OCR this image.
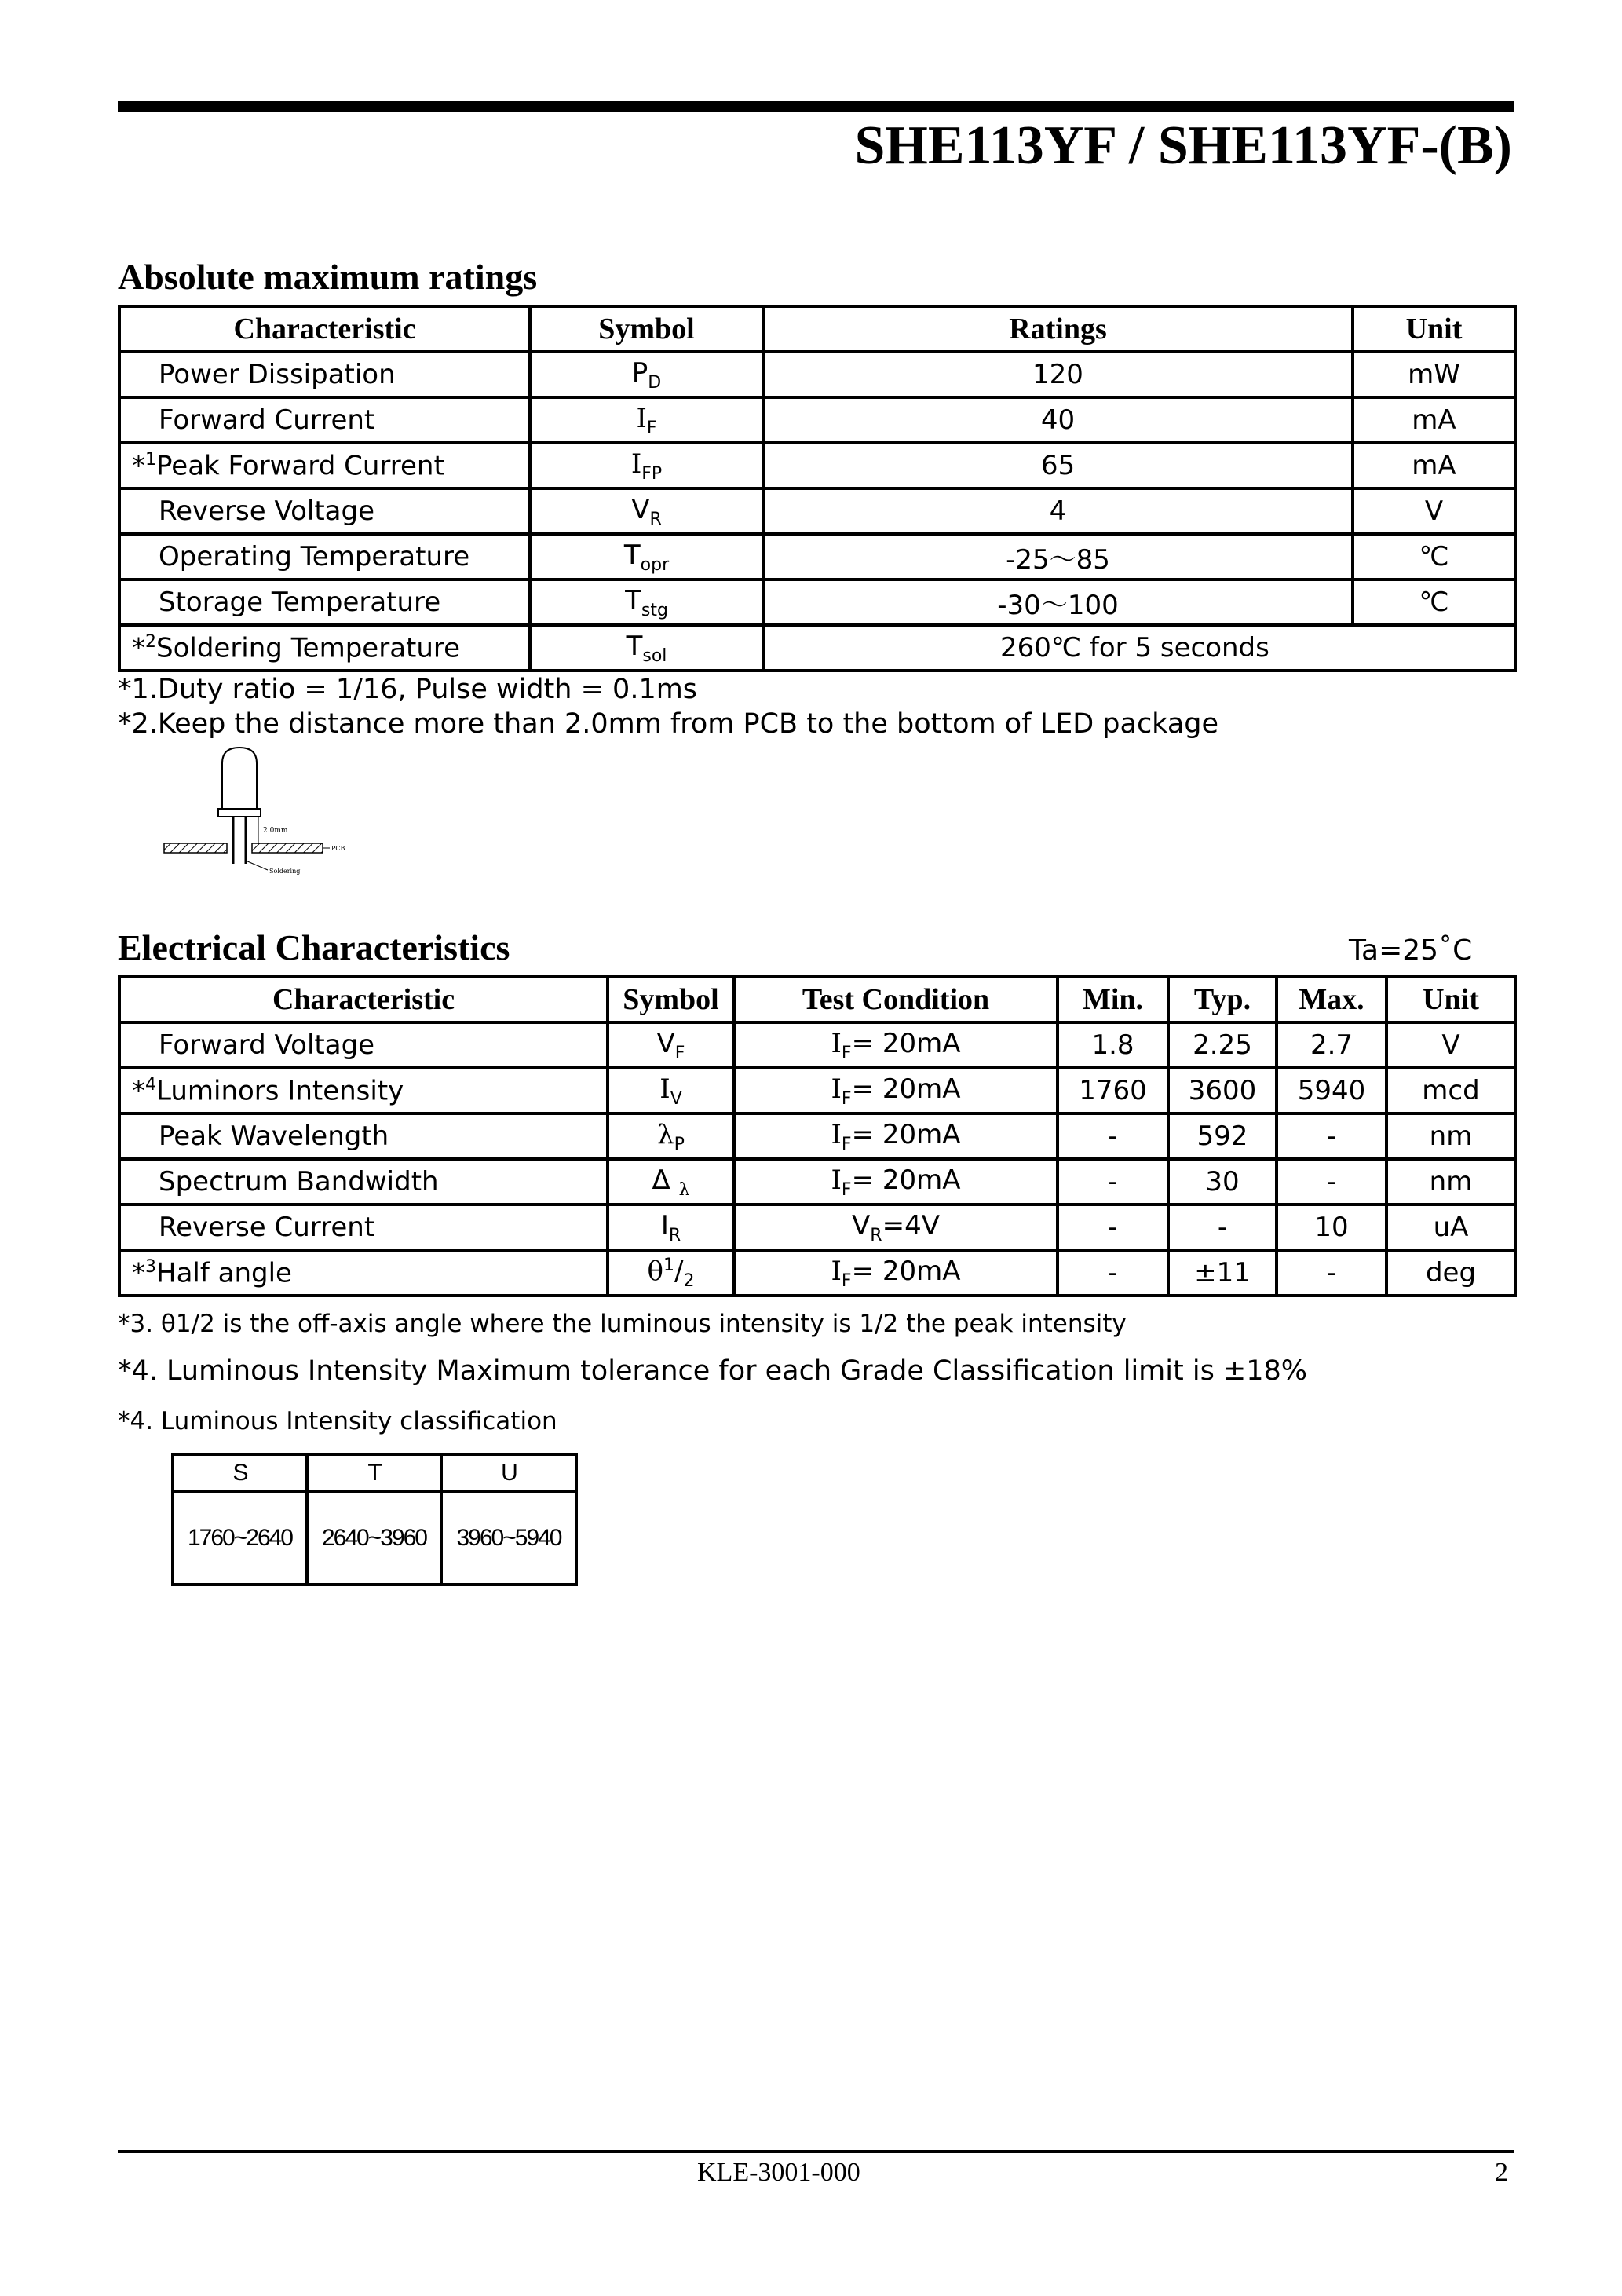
SHE113YF / SHE113YF-(B)
Absolute maximum ratings
Characteristic	Symbol	Ratings	Unit
Power Dissipation	$P_D$	120	mW
Forward Current	$I_F$	40	mA
*$^1$Peak Forward Current	$I_{FP}$	65	mA
Reverse Voltage	$V_R$	4	V
Operating Temperature	$T_{opr}$	-25～85	℃
Storage Temperature	$T_{stg}$	-30～100	℃
*$^2$Soldering Temperature	$T_{sol}$	260℃ for 5 seconds	
*1.Duty ratio = 1/16, Pulse width = 0.1ms
*2.Keep the distance more than 2.0mm from PCB to the bottom of LED package
2.0mm
PCB
Soldering
Electrical Characteristics	Ta=25˚C
Characteristic	Symbol	Test Condition	Min.	Typ.	Max.	Unit
Forward Voltage	$V_F$	$I_F= 20mA$	1.8	2.25	2.7	V
*$^4$Luminors Intensity	$I_V$	$I_F= 20mA$	1760	3600	5940	mcd
Peak Wavelength	$\lambda_P$	$I_F= 20mA$	-	592	-	nm
Spectrum Bandwidth	Δ $_\lambda$	$I_F= 20mA$	-	30	-	nm
Reverse Current	$I_R$	$V_R=4V$	-	-	10	uA
*$^3$Half angle	$\theta^1/_2$	$I_F= 20mA$	-	±11	-	deg
*3. θ1/2 is the off-axis angle where the luminous intensity is 1/2 the peak intensity
*4. Luminous Intensity Maximum tolerance for each Grade Classification limit is ±18%
*4. Luminous Intensity classification
S	T	U
1760~2640	2640~3960	3960~5940
KLE-3001-000	2
